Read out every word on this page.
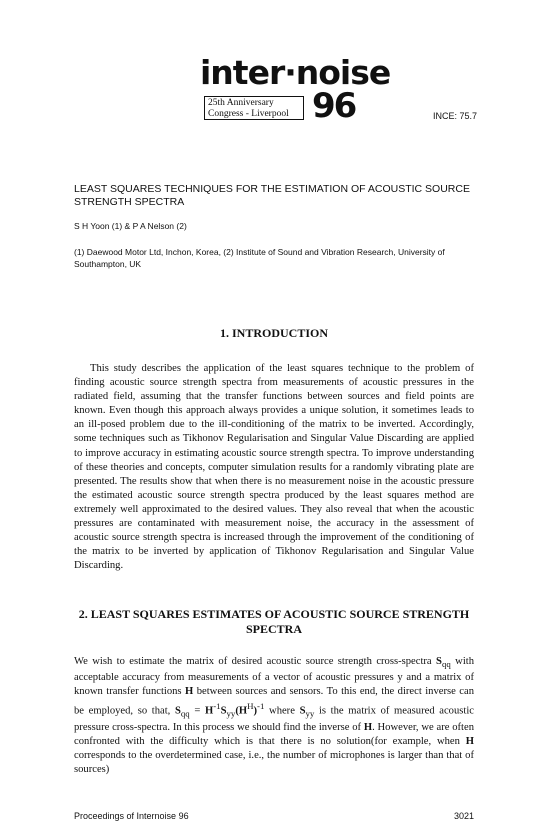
inter·noise
25th Anniversary
Congress - Liverpool 96	INCE: 75.7
LEAST SQUARES TECHNIQUES FOR THE ESTIMATION OF ACOUSTIC SOURCE STRENGTH SPECTRA
S H Yoon (1) & P A Nelson (2)
(1) Daewood Motor Ltd, Inchon, Korea, (2) Institute of Sound and Vibration Research, University of Southampton, UK
1. INTRODUCTION
This study describes the application of the least squares technique to the problem of finding acoustic source strength spectra from measurements of acoustic pressures in the radiated field, assuming that the transfer functions between sources and field points are known. Even though this approach always provides a unique solution, it sometimes leads to an ill-posed problem due to the ill-conditioning of the matrix to be inverted. Accordingly, some techniques such as Tikhonov Regularisation and Singular Value Discarding are applied to improve accuracy in estimating acoustic source strength spectra. To improve understanding of these theories and concepts, computer simulation results for a randomly vibrating plate are presented. The results show that when there is no measurement noise in the acoustic pressure the estimated acoustic source strength spectra produced by the least squares method are extremely well approximated to the desired values. They also reveal that when the acoustic pressures are contaminated with measurement noise, the accuracy in the assessment of acoustic source strength spectra is increased through the improvement of the conditioning of the matrix to be inverted by application of Tikhonov Regularisation and Singular Value Discarding.
2. LEAST SQUARES ESTIMATES OF ACOUSTIC SOURCE STRENGTH SPECTRA
We wish to estimate the matrix of desired acoustic source strength cross-spectra $S_{qq}$ with acceptable accuracy from measurements of a vector of acoustic pressures y and a matrix of known transfer functions H between sources and sensors. To this end, the direct inverse can be employed, so that, $S_{qq} = H^{-1}S_{yy}(H^H)^{-1}$ where $S_{yy}$ is the matrix of measured acoustic pressure cross-spectra. In this process we should find the inverse of H. However, we are often confronted with the difficulty which is that there is no solution(for example, when H corresponds to the overdetermined case, i.e., the number of microphones is larger than that of sources)
Proceedings of Internoise 96	3021
